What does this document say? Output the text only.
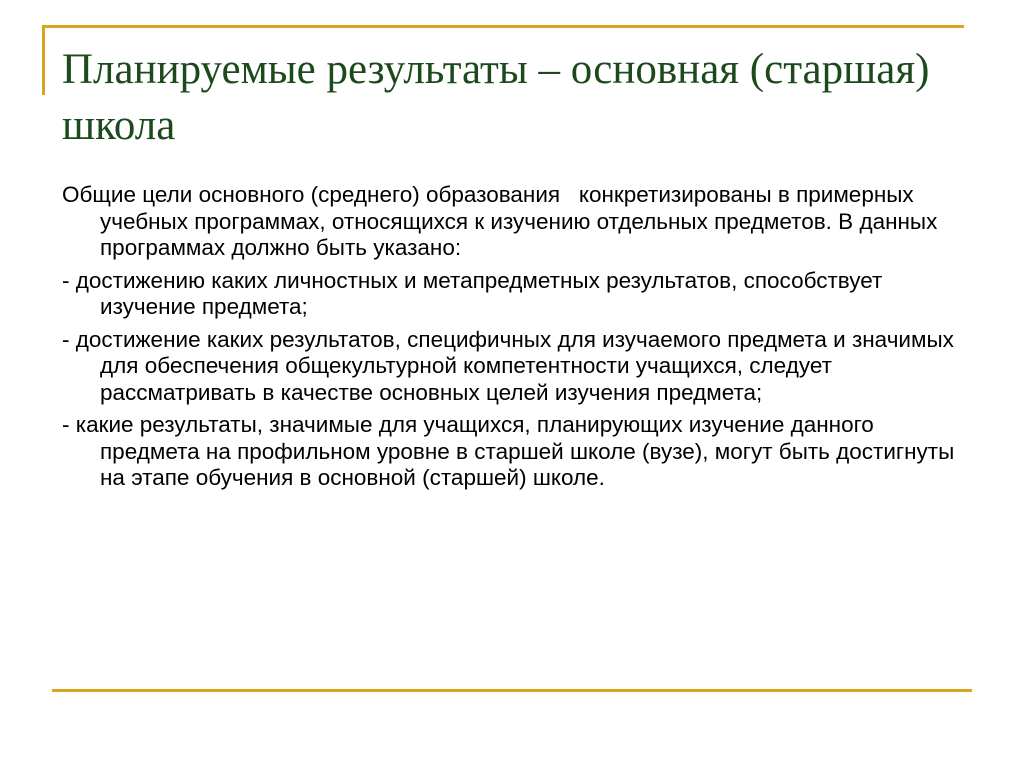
Планируемые результаты – основная (старшая) школа

Общие цели основного (среднего) образования   конкретизированы в примерных учебных программах, относящихся к изучению отдельных предметов. В данных программах должно быть указано:

- достижению каких личностных и метапредметных результатов, способствует изучение предмета;

- достижение каких результатов, специфичных для изучаемого предмета и значимых для обеспечения общекультурной компетентности учащихся, следует рассматривать в качестве основных целей изучения предмета;

- какие результаты, значимые для учащихся, планирующих изучение данного предмета на профильном уровне в старшей школе (вузе), могут быть достигнуты на этапе обучения в основной (старшей) школе.
